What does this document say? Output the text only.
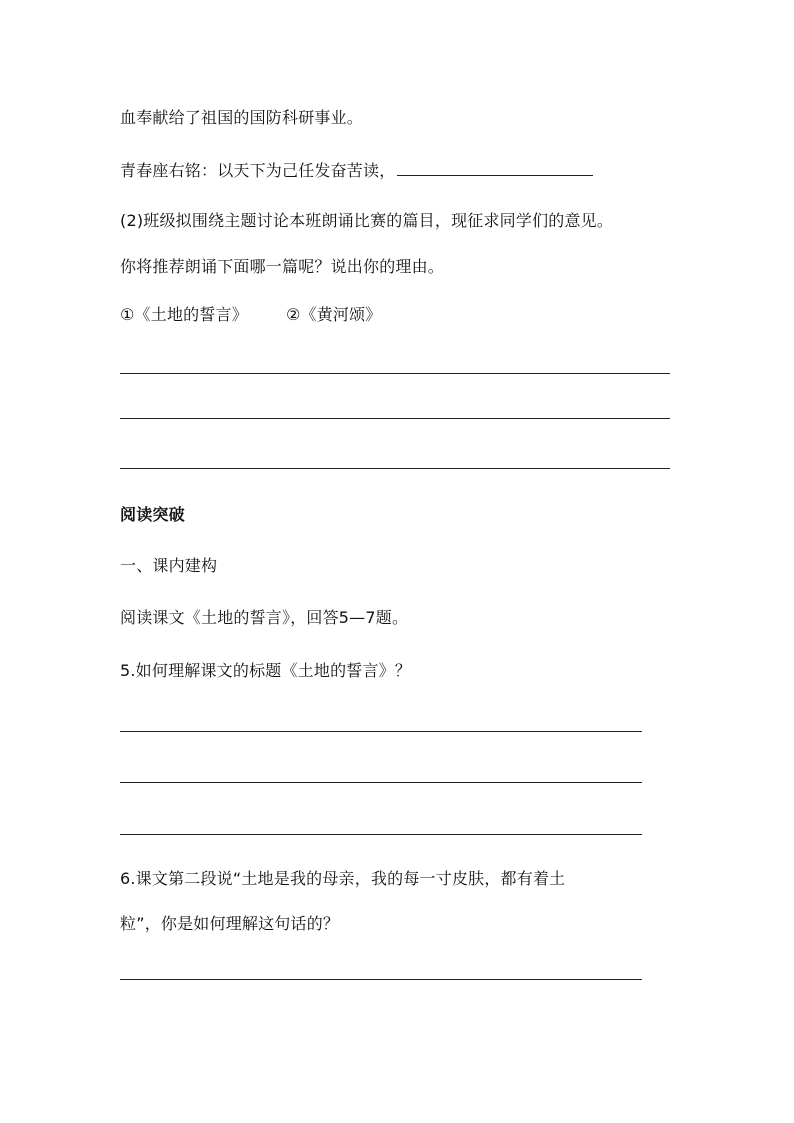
血奉献给了祖国的国防科研事业。
青春座右铭：以天下为己任发奋苦读，
(2)班级拟围绕主题讨论本班朗诵比赛的篇目，现征求同学们的意见。
你将推荐朗诵下面哪一篇呢？说出你的理由。
①《土地的誓言》 ②《黄河颂》
阅读突破
一、课内建构
阅读课文《土地的誓言》，回答5—7题。
5.如何理解课文的标题《土地的誓言》？
6.课文第二段说“土地是我的母亲，我的每一寸皮肤，都有着土
粒”，你是如何理解这句话的？
